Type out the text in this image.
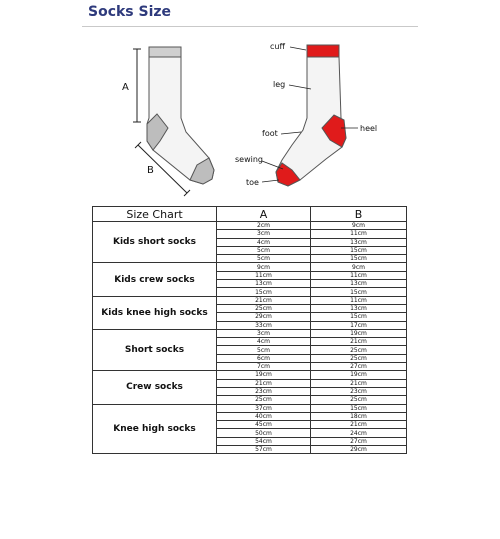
Socks Size
A
B
cuff
leg
heel
foot
sewing
toe
Size Chart	A	B
Kids short socks	2cm	9cm
	3cm	11cm
	4cm	13cm
	5cm	15cm
	5cm	15cm
Kids crew socks	9cm	9cm
	11cm	11cm
	13cm	13cm
	15cm	15cm
Kids knee high socks	21cm	11cm
	25cm	13cm
	29cm	15cm
	33cm	17cm
Short socks	3cm	19cm
	4cm	21cm
	5cm	25cm
	6cm	25cm
	7cm	27cm
Crew socks	19cm	19cm
	21cm	21cm
	23cm	23cm
	25cm	25cm
Knee high socks	37cm	15cm
	40cm	18cm
	45cm	21cm
	50cm	24cm
	54cm	27cm
	57cm	29cm
